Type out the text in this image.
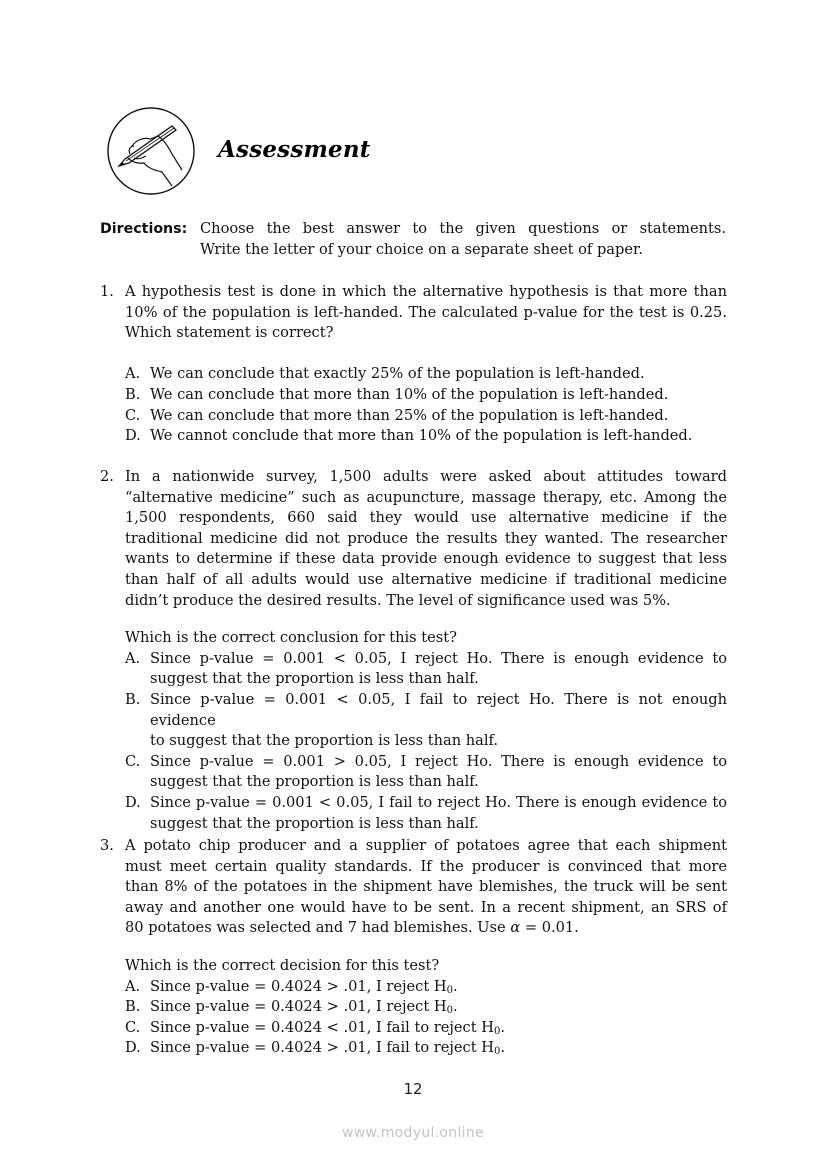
Assessment
Directions: Choose the best answer to the given questions or statements.
Write the letter of your choice on a separate sheet of paper.
1. A hypothesis test is done in which the alternative hypothesis is that more than
10% of the population is left-handed. The calculated p-value for the test is 0.25.
Which statement is correct?
A. We can conclude that exactly 25% of the population is left-handed.
B. We can conclude that more than 10% of the population is left-handed.
C. We can conclude that more than 25% of the population is left-handed.
D. We cannot conclude that more than 10% of the population is left-handed.
2. In a nationwide survey, 1,500 adults were asked about attitudes toward
“alternative medicine” such as acupuncture, massage therapy, etc. Among the
1,500 respondents, 660 said they would use alternative medicine if the
traditional medicine did not produce the results they wanted. The researcher
wants to determine if these data provide enough evidence to suggest that less
than half of all adults would use alternative medicine if traditional medicine
didn’t produce the desired results. The level of significance used was 5%.
Which is the correct conclusion for this test?
A. Since p-value = 0.001 < 0.05, I reject Ho. There is enough evidence to
suggest that the proportion is less than half.
B. Since p-value = 0.001 < 0.05, I fail to reject Ho. There is not enough evidence
to suggest that the proportion is less than half.
C. Since p-value = 0.001 > 0.05, I reject Ho. There is enough evidence to
suggest that the proportion is less than half.
D. Since p-value = 0.001 < 0.05, I fail to reject Ho. There is enough evidence to
suggest that the proportion is less than half.
3. A potato chip producer and a supplier of potatoes agree that each shipment
must meet certain quality standards. If the producer is convinced that more
than 8% of the potatoes in the shipment have blemishes, the truck will be sent
away and another one would have to be sent. In a recent shipment, an SRS of
80 potatoes was selected and 7 had blemishes. Use α = 0.01.
Which is the correct decision for this test?
A. Since p-value = 0.4024 > .01, I reject $H_0$.
B. Since p-value = 0.4024 > .01, I reject $H_0$.
C. Since p-value = 0.4024 < .01, I fail to reject $H_0$.
D. Since p-value = 0.4024 > .01, I fail to reject $H_0$.
12
www.modyul.online
